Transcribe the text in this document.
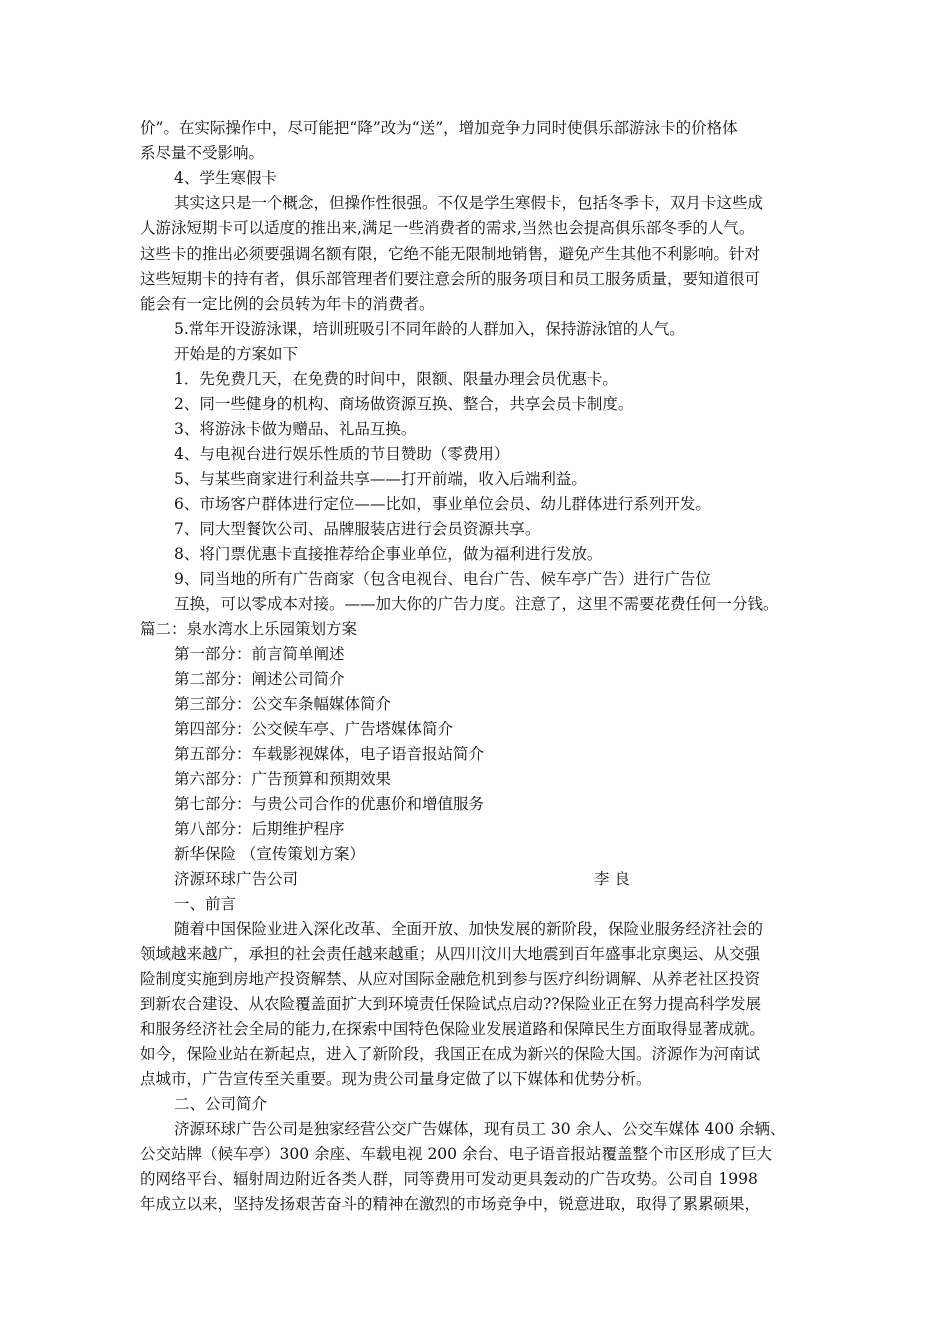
价”。在实际操作中，尽可能把“降”改为“送”，增加竞争力同时使俱乐部游泳卡的价格体
系尽量不受影响。
4、学生寒假卡
其实这只是一个概念，但操作性很强。不仅是学生寒假卡，包括冬季卡，双月卡这些成
人游泳短期卡可以适度的推出来,满足一些消费者的需求,当然也会提高俱乐部冬季的人气。
这些卡的推出必须要强调名额有限，它绝不能无限制地销售，避免产生其他不利影响。针对
这些短期卡的持有者，俱乐部管理者们要注意会所的服务项目和员工服务质量，要知道很可
能会有一定比例的会员转为年卡的消费者。
5.常年开设游泳课，培训班吸引不同年龄的人群加入，保持游泳馆的人气。
开始是的方案如下
1．先免费几天，在免费的时间中，限额、限量办理会员优惠卡。
2、同一些健身的机构、商场做资源互换、整合，共享会员卡制度。
3、将游泳卡做为赠品、礼品互换。
4、与电视台进行娱乐性质的节目赞助（零费用）
5、与某些商家进行利益共享——打开前端，收入后端利益。
6、市场客户群体进行定位——比如，事业单位会员、幼儿群体进行系列开发。
7、同大型餐饮公司、品牌服装店进行会员资源共享。
8、将门票优惠卡直接推荐给企事业单位，做为福利进行发放。
9、同当地的所有广告商家（包含电视台、电台广告、候车亭广告）进行广告位
互换，可以零成本对接。——加大你的广告力度。注意了，这里不需要花费任何一分钱。
篇二：泉水湾水上乐园策划方案
第一部分：前言简单阐述
第二部分：阐述公司简介
第三部分：公交车条幅媒体简介
第四部分：公交候车亭、广告塔媒体简介
第五部分：车载影视媒体，电子语音报站简介
第六部分：广告预算和预期效果
第七部分：与贵公司合作的优惠价和增值服务
第八部分：后期维护程序
新华保险 （宣传策划方案）
济源环球广告公司	李 良
一、前言
随着中国保险业进入深化改革、全面开放、加快发展的新阶段，保险业服务经济社会的
领域越来越广，承担的社会责任越来越重；从四川汶川大地震到百年盛事北京奥运、从交强
险制度实施到房地产投资解禁、从应对国际金融危机到参与医疗纠纷调解、从养老社区投资
到新农合建设、从农险覆盖面扩大到环境责任保险试点启动??保险业正在努力提高科学发展
和服务经济社会全局的能力,在探索中国特色保险业发展道路和保障民生方面取得显著成就。
如今，保险业站在新起点，进入了新阶段，我国正在成为新兴的保险大国。济源作为河南试
点城市，广告宣传至关重要。现为贵公司量身定做了以下媒体和优势分析。
二、公司简介
济源环球广告公司是独家经营公交广告媒体，现有员工 30 余人、公交车媒体 400 余辆、
公交站牌（候车亭）300 余座、车载电视 200 余台、电子语音报站覆盖整个市区形成了巨大
的网络平台、辐射周边附近各类人群，同等费用可发动更具轰动的广告攻势。公司自 1998
年成立以来，坚持发扬艰苦奋斗的精神在激烈的市场竞争中，锐意进取，取得了累累硕果，
